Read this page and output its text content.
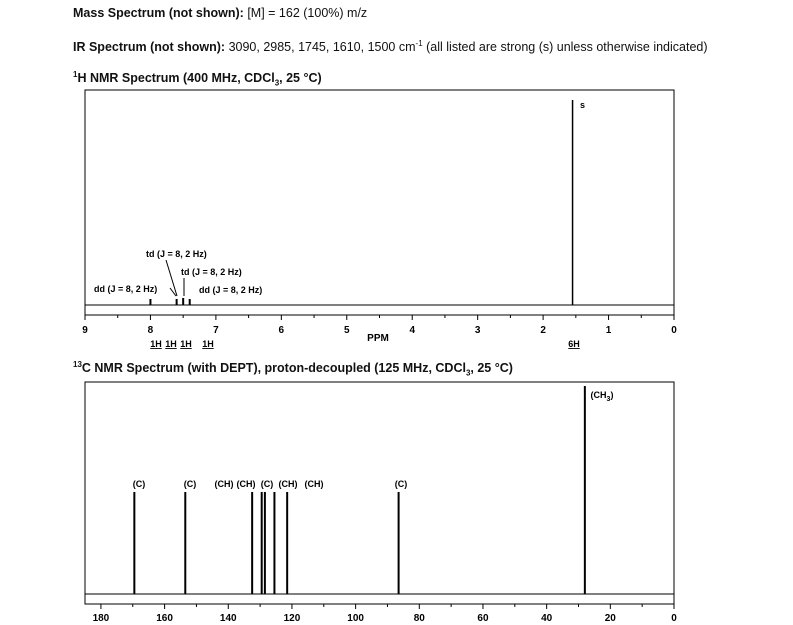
Mass Spectrum (not shown): [M] = 162 (100%) m/z
IR Spectrum (not shown): 3090, 2985, 1745, 1610, 1500 $cm^{-1}$ (all listed are strong (s) unless otherwise indicated)
$^1$H NMR Spectrum (400 MHz, CDCl$_3$, 25 °C)
$^{13}$C NMR Spectrum (with DEPT), proton-decoupled (125 MHz, CDCl$_3$, 25 °C)
9	8	7	6	5	4	3	2	1	0
PPM
s
td (J = 8, 2 Hz)
td (J = 8, 2 Hz)
dd (J = 8, 2 Hz)	dd (J = 8, 2 Hz)
1H 1H 1H 1H	6H
180	160	140	120	100	80	60	40	20	0
(C)	(C) (CH) (CH) (C) (CH) (CH)	(C)
$(CH_3)$
